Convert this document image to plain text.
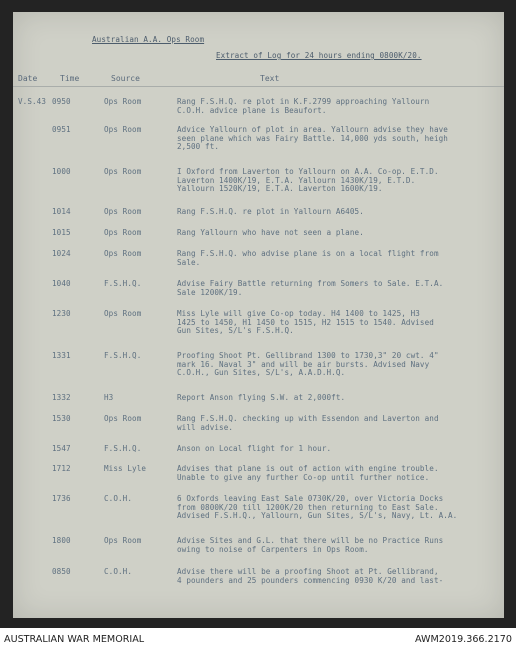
Australian A.A. Ops Room
Extract of Log for 24 hours ending 0800K/20.
Date	Time	Source	Text
V.S.43 0950	Ops Room	Rang F.S.H.Q. re plot in K.F.2799 approaching Yallourn
C.O.H. advice plane is Beaufort.
0951	Ops Room	Advice Yallourn of plot in area. Yallourn advise they have
seen plane which was Fairy Battle. 14,000 yds south, heigh
2,500 ft.
1000	Ops Room	I Oxford from Laverton to Yallourn on A.A. Co-op. E.T.D.
Laverton 1400K/19, E.T.A. Yallourn 1430K/19, E.T.D.
Yallourn 1520K/19, E.T.A. Laverton 1600K/19.
1014	Ops Room	Rang F.S.H.Q. re plot in Yallourn A6405.
1015	Ops Room	Rang Yallourn who have not seen a plane.
1024	Ops Room	Rang F.S.H.Q. who advise plane is on a local flight from
Sale.
1040	F.S.H.Q.	Advise Fairy Battle returning from Somers to Sale. E.T.A.
Sale 1200K/19.
1230	Ops Room	Miss Lyle will give Co-op today. H4 1400 to 1425, H3
1425 to 1450, H1 1450 to 1515, H2 1515 to 1540. Advised
Gun Sites, S/L's F.S.H.Q.
1331	F.S.H.Q.	Proofing Shoot Pt. Gellibrand 1300 to 1730,3" 20 cwt. 4"
mark 16. Naval 3" and will be air bursts. Advised Navy
C.O.H., Gun Sites, S/L's, A.A.D.H.Q.
1332	H3	Report Anson flying S.W. at 2,000ft.
1530	Ops Room	Rang F.S.H.Q. checking up with Essendon and Laverton and
will advise.
1547	F.S.H.Q.	Anson on Local flight for 1 hour.
1712	Miss Lyle	Advises that plane is out of action with engine trouble.
Unable to give any further Co-op until further notice.
1736	C.O.H.	6 Oxfords leaving East Sale 0730K/20, over Victoria Docks
from 0800K/20 till 1200K/20 then returning to East Sale.
Advised F.S.H.Q., Yallourn, Gun Sites, S/L's, Navy, Lt. A.A.
1800	Ops Room	Advise Sites and G.L. that there will be no Practice Runs
owing to noise of Carpenters in Ops Room.
0850	C.O.H.	Advise there will be a proofing Shoot at Pt. Gellibrand,
4 pounders and 25 pounders commencing 0930 K/20 and last-
AUSTRALIAN WAR MEMORIAL	AWM2019.366.2170
